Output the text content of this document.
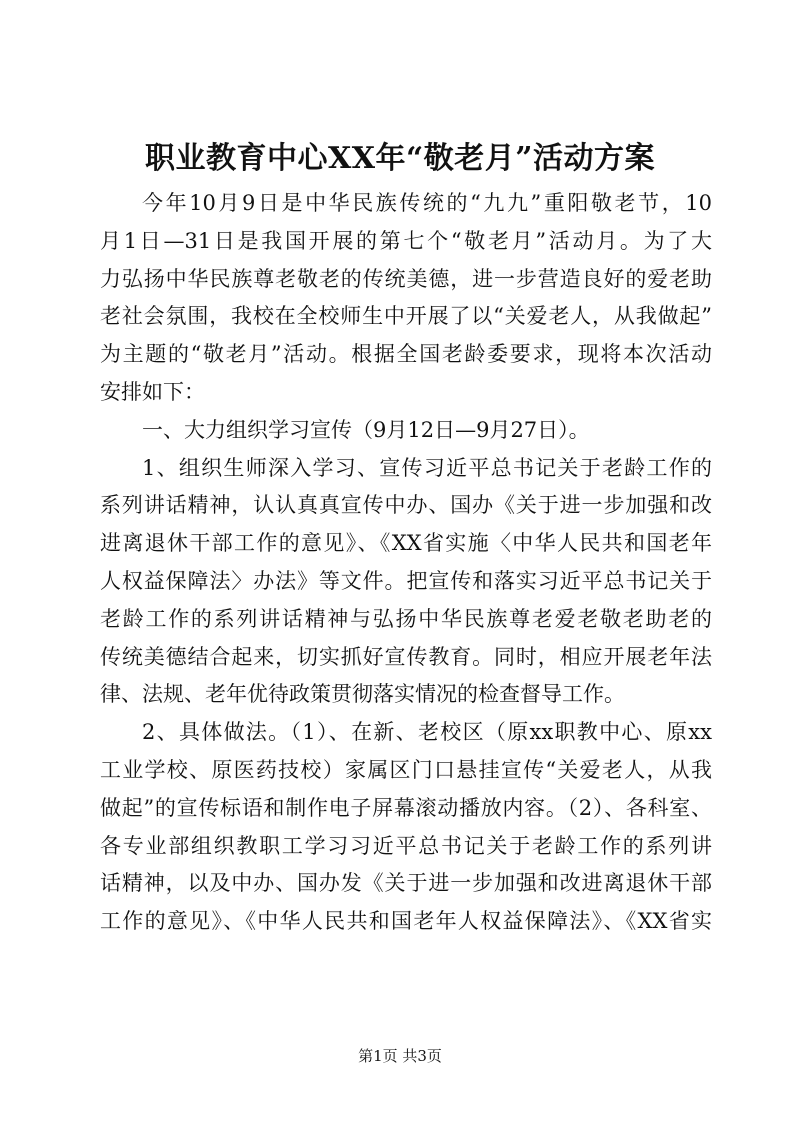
职业教育中心XX年“敬老月”活动方案
今年10月9日是中华民族传统的“九九”重阳敬老节，10
月1日—31日是我国开展的第七个“敬老月”活动月。为了大
力弘扬中华民族尊老敬老的传统美德，进一步营造良好的爱老助
老社会氛围，我校在全校师生中开展了以“关爱老人，从我做起”
为主题的“敬老月”活动。根据全国老龄委要求，现将本次活动
安排如下：
一、大力组织学习宣传（9月12日—9月27日）。
1、组织生师深入学习、宣传习近平总书记关于老龄工作的
系列讲话精神，认认真真宣传中办、国办《关于进一步加强和改
进离退休干部工作的意见》、《XX省实施〈中华人民共和国老年
人权益保障法〉办法》等文件。把宣传和落实习近平总书记关于
老龄工作的系列讲话精神与弘扬中华民族尊老爱老敬老助老的
传统美德结合起来，切实抓好宣传教育。同时，相应开展老年法
律、法规、老年优待政策贯彻落实情况的检查督导工作。
2、具体做法。（1）、在新、老校区（原xx职教中心、原xx
工业学校、原医药技校）家属区门口悬挂宣传“关爱老人，从我
做起”的宣传标语和制作电子屏幕滚动播放内容。（2）、各科室、
各专业部组织教职工学习习近平总书记关于老龄工作的系列讲
话精神，以及中办、国办发《关于进一步加强和改进离退休干部
工作的意见》、《中华人民共和国老年人权益保障法》、《XX省实
第1页 共3页
